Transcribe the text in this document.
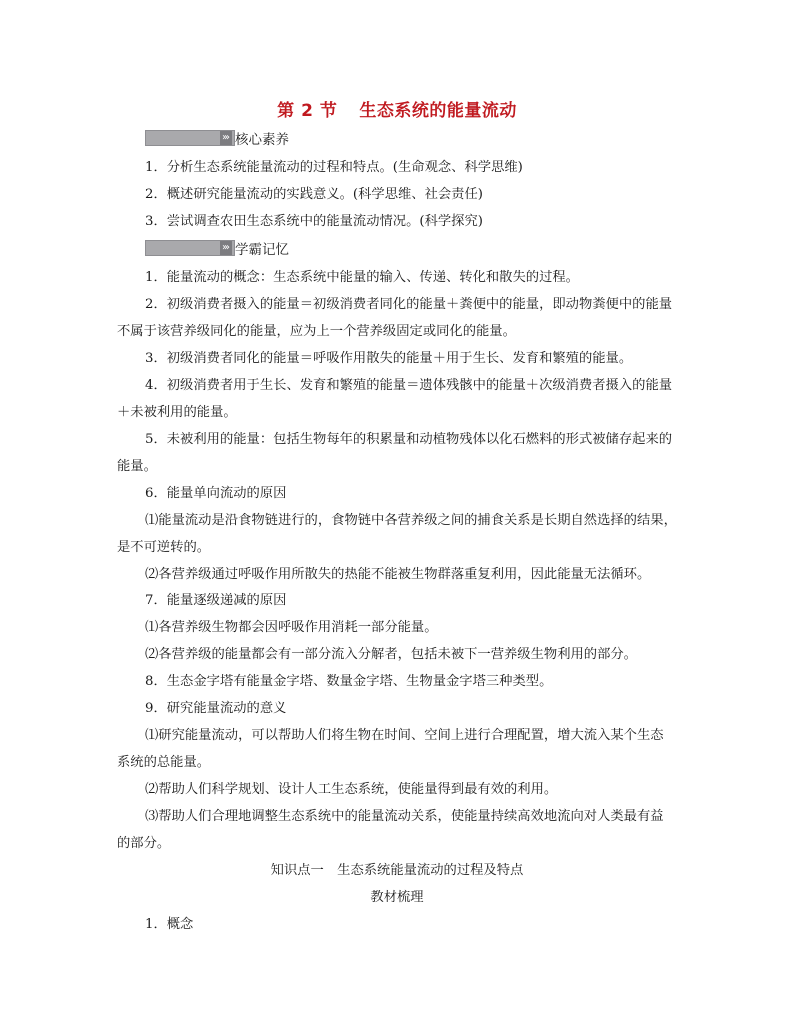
第 2 节 生态系统的能量流动
››› 核心素养
1．分析生态系统能量流动的过程和特点。(生命观念、科学思维)
2．概述研究能量流动的实践意义。(科学思维、社会责任)
3．尝试调查农田生态系统中的能量流动情况。(科学探究)
››› 学霸记忆
1．能量流动的概念：生态系统中能量的输入、传递、转化和散失的过程。
2．初级消费者摄入的能量＝初级消费者同化的能量＋粪便中的能量，即动物粪便中的能量
不属于该营养级同化的能量，应为上一个营养级固定或同化的能量。
3．初级消费者同化的能量＝呼吸作用散失的能量＋用于生长、发育和繁殖的能量。
4．初级消费者用于生长、发育和繁殖的能量＝遗体残骸中的能量＋次级消费者摄入的能量
＋未被利用的能量。
5．未被利用的能量：包括生物每年的积累量和动植物残体以化石燃料的形式被储存起来的
能量。
6．能量单向流动的原因
⑴能量流动是沿食物链进行的，食物链中各营养级之间的捕食关系是长期自然选择的结果，
是不可逆转的。
⑵各营养级通过呼吸作用所散失的热能不能被生物群落重复利用，因此能量无法循环。
7．能量逐级递减的原因
⑴各营养级生物都会因呼吸作用消耗一部分能量。
⑵各营养级的能量都会有一部分流入分解者，包括未被下一营养级生物利用的部分。
8．生态金字塔有能量金字塔、数量金字塔、生物量金字塔三种类型。
9．研究能量流动的意义
⑴研究能量流动，可以帮助人们将生物在时间、空间上进行合理配置，增大流入某个生态
系统的总能量。
⑵帮助人们科学规划、设计人工生态系统，使能量得到最有效的利用。
⑶帮助人们合理地调整生态系统中的能量流动关系，使能量持续高效地流向对人类最有益
的部分。
知识点一　生态系统能量流动的过程及特点
教材梳理
1．概念
